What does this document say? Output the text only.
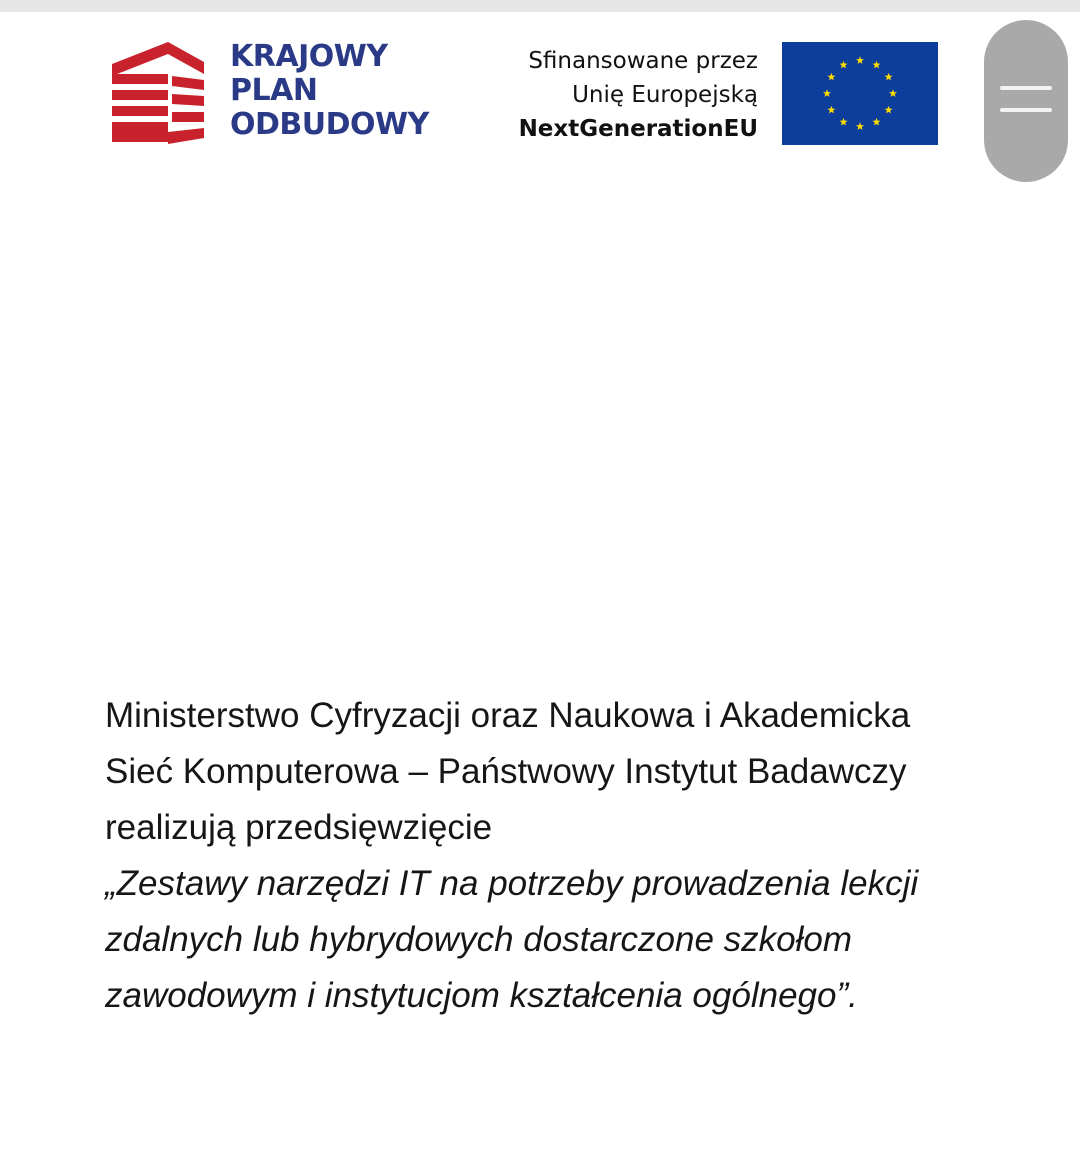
KRAJOWY
PLAN
ODBUDOWY
Sfinansowane przez
Unię Europejską
NextGenerationEU
Ministerstwo Cyfryzacji oraz Naukowa i Akademicka
Sieć Komputerowa – Państwowy Instytut Badawczy
realizują przedsięwzięcie
„Zestawy narzędzi IT na potrzeby prowadzenia lekcji
zdalnych lub hybrydowych dostarczone szkołom
zawodowym i instytucjom kształcenia ogólnego”.
